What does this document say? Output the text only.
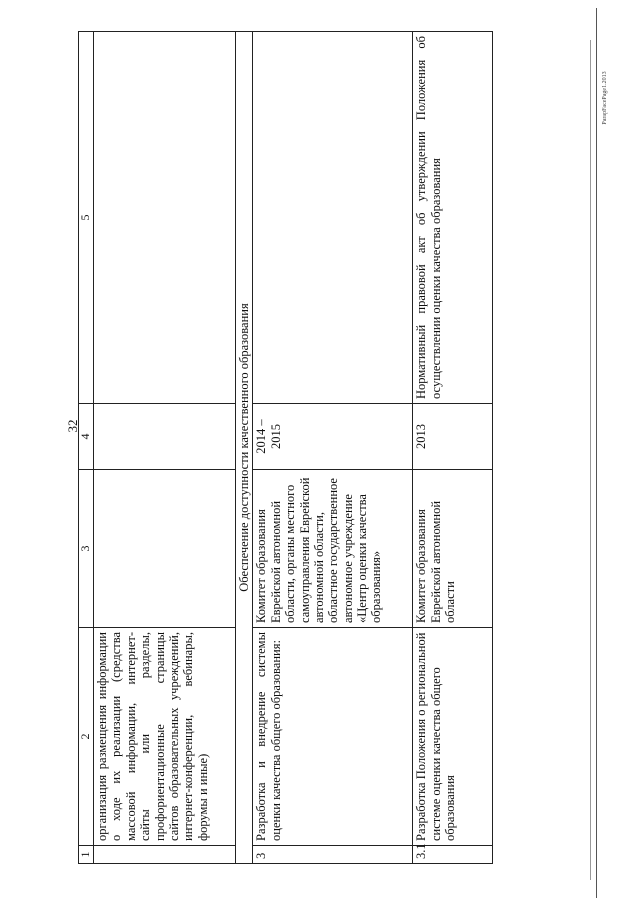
32
1	2	3	4	5
	организация размещения информации о ходе их реализации (средства массовой информации, интернет-сайты или разделы, профориентационные страницы сайтов образовательных учреждений, интернет-конференции, вебинары, форумы и иные)			
Обеспечение доступности качественного образования				
3	Разработка и внедрение системы оценки качества общего образования:	Комитет образования Еврейской автономной области, органы местного самоуправления Еврейской автономной области, областное государственное автономное учреждение «Центр оценки качества образования»	2014 – 2015	
3.1	Разработка Положения о региональной системе оценки качества общего образования	Комитет образования Еврейской автономной области	2013	Нормативный правовой акт об утверждении Положения об осуществлении оценки качества образования
ParapFacePage1.2013
